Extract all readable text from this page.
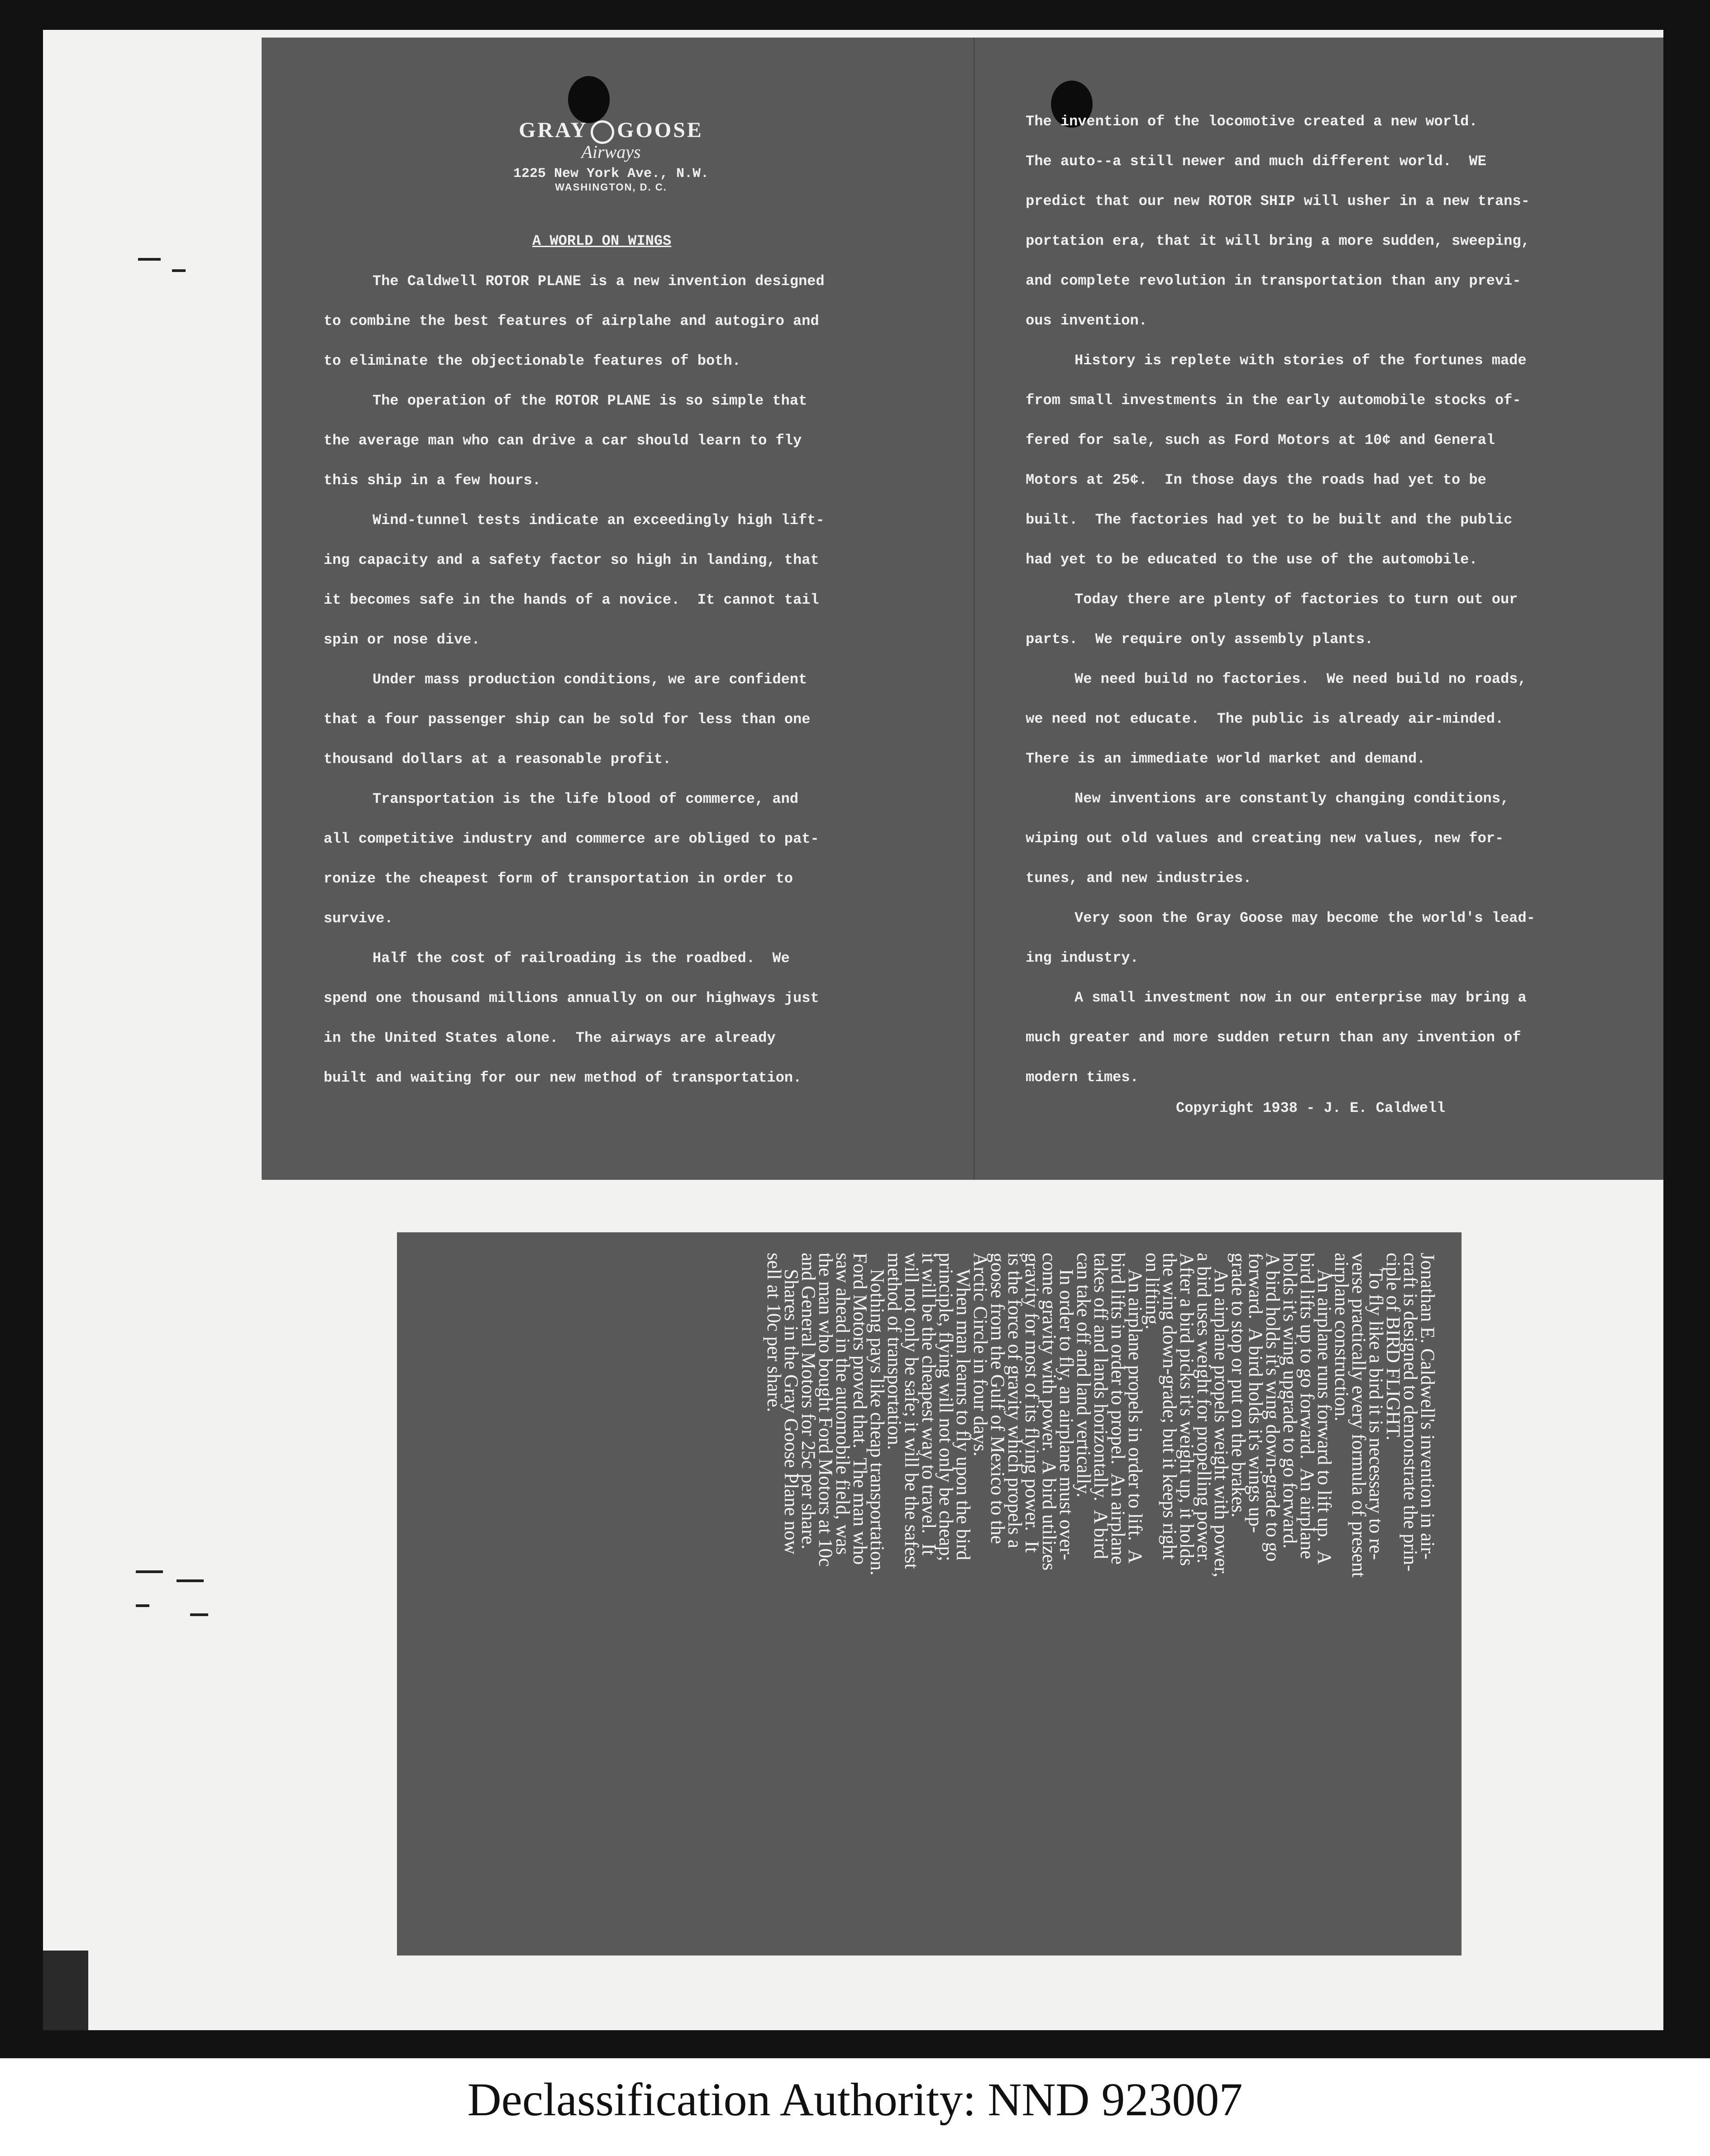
GRAY GOOSE
Airways
1225 New York Ave., N.W.
WASHINGTON, D. C.
A WORLD ON WINGS

The Caldwell ROTOR PLANE is a new invention designed

to combine the best features of airplahe and autogiro and

to eliminate the objectionable features of both.

The operation of the ROTOR PLANE is so simple that

the average man who can drive a car should learn to fly

this ship in a few hours.

Wind-tunnel tests indicate an exceedingly high lift-

ing capacity and a safety factor so high in landing, that

it becomes safe in the hands of a novice.  It cannot tail

spin or nose dive.

Under mass production conditions, we are confident

that a four passenger ship can be sold for less than one

thousand dollars at a reasonable profit.

Transportation is the life blood of commerce, and

all competitive industry and commerce are obliged to pat-

ronize the cheapest form of transportation in order to

survive.

Half the cost of railroading is the roadbed.  We

spend one thousand millions annually on our highways just

in the United States alone.  The airways are already

built and waiting for our new method of transportation.

The invention of the locomotive created a new world.

The auto--a still newer and much different world.  WE

predict that our new ROTOR SHIP will usher in a new trans-

portation era, that it will bring a more sudden, sweeping,

and complete revolution in transportation than any previ-

ous invention.

History is replete with stories of the fortunes made

from small investments in the early automobile stocks of-

fered for sale, such as Ford Motors at 10¢ and General

Motors at 25¢.  In those days the roads had yet to be

built.  The factories had yet to be built and the public

had yet to be educated to the use of the automobile.

Today there are plenty of factories to turn out our

parts.  We require only assembly plants.

We need build no factories.  We need build no roads,

we need not educate.  The public is already air-minded.

There is an immediate world market and demand.

New inventions are constantly changing conditions,

wiping out old values and creating new values, new for-

tunes, and new industries.

Very soon the Gray Goose may become the world's lead-

ing industry.

A small investment now in our enterprise may bring a

much greater and more sudden return than any invention of

modern times.

Copyright 1938 - J. E. Caldwell

Jonathan E. Caldwell's invention in air-

craft is designed to demonstrate the prin-

ciple of BIRD FLIGHT.

To fly like a bird it is necessary to re-

verse practically every formula of present

airplane construction.

An airplane runs forward to lift up.  A

bird lifts up to go forward.  An airplane

holds it's wing upgrade to go forward.

A bird holds it's wing down-grade to go

forward.  A bird holds it's wings up-

grade to stop or put on the brakes.

An airplane propels weight with power,

a bird uses weight for propelling power.

After a bird picks it's weight up, it holds

the wing down-grade; but it keeps right

on lifting.

An airplane propels in order to lift.  A

bird lifts in order to propel.  An airplane

takes off and lands horizontally.  A bird

can take off and land vertically.

In order to fly, an airplane must over-

come gravity with power.  A bird utilizes

gravity for most of its flying power.  It

is the force of gravity which propels a

goose from the Gulf of Mexico to the

Arctic Circle in four days.

When man learns to fly upon the bird

principle, flying will not only be cheap;

it will be the cheapest way to travel.  It

will not only be safe; it will be the safest

method of transportation.

Nothing pays like cheap transportation.

Ford Motors proved that.  The man who

saw ahead in the automobile field, was

the man who bought Ford Motors at 10c

and General Motors for 25c per share.

Shares in the Gray Goose Plane now

sell at 10c per share.

Declassification Authority: NND 923007
